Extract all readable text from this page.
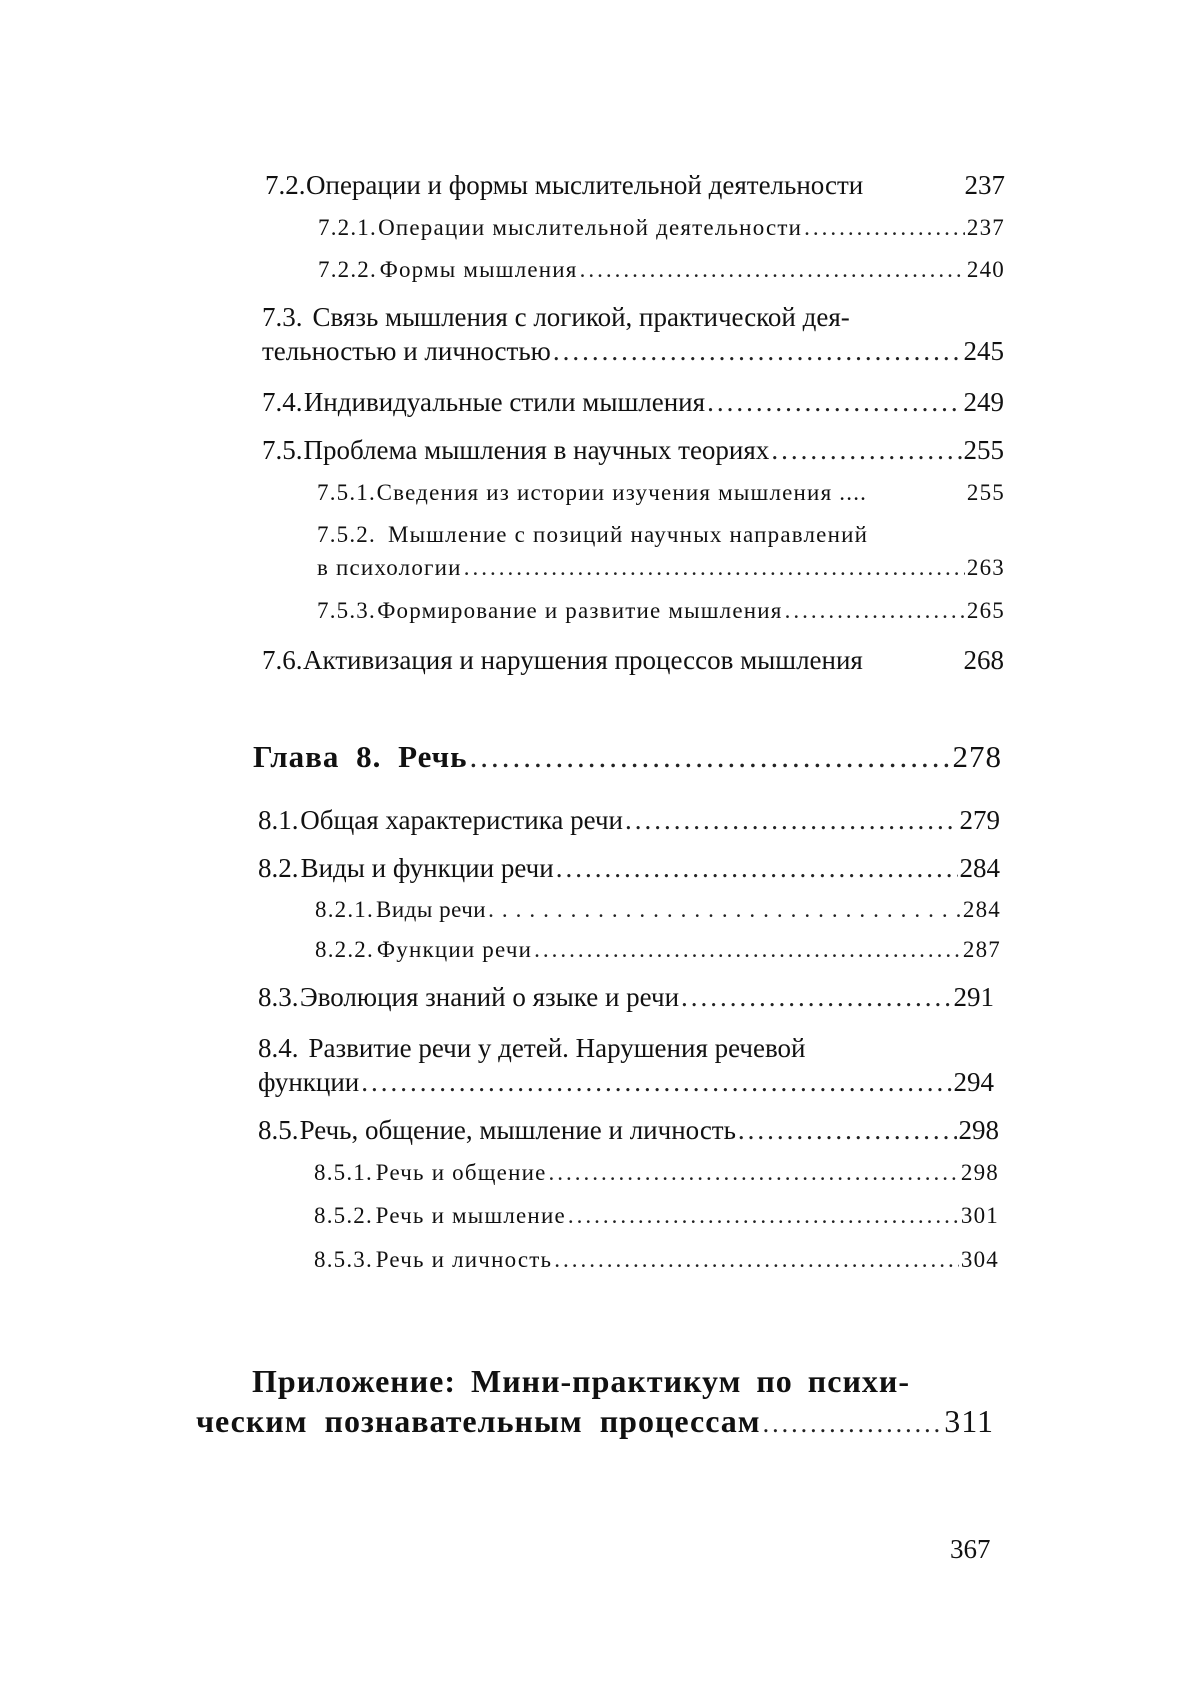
7.2. Операции и формы мыслительной деятельности	237
7.2.1. Операции мыслительной деятельности .....	237
7.2.2. Формы мышления .....	240
7.3. Связь мышления с логикой, практической дея-
тельностью и личностью .....	245
7.4. Индивидуальные стили мышления .....	249
7.5. Проблема мышления в научных теориях .....	255
7.5.1. Сведения из истории изучения мышления ....	255
7.5.2. Мышление с позиций научных направлений
в психологии .....	263
7.5.3. Формирование и развитие мышления .....	265
7.6. Активизация и нарушения процессов мышления	268
Глава 8. Речь .....	278
8.1. Общая характеристика речи .....	279
8.2. Виды и функции речи .....	284
8.2.1. Виды речи .....	284
8.2.2. Функции речи .....	287
8.3. Эволюция знаний о языке и речи .....	291
8.4. Развитие речи у детей. Нарушения речевой
функции .....	294
8.5. Речь, общение, мышление и личность .....	298
8.5.1. Речь и общение .....	298
8.5.2. Речь и мышление .....	301
8.5.3. Речь и личность .....	304
Приложение: Мини-практикум по психи-
ческим познавательным процессам .....	311
367
